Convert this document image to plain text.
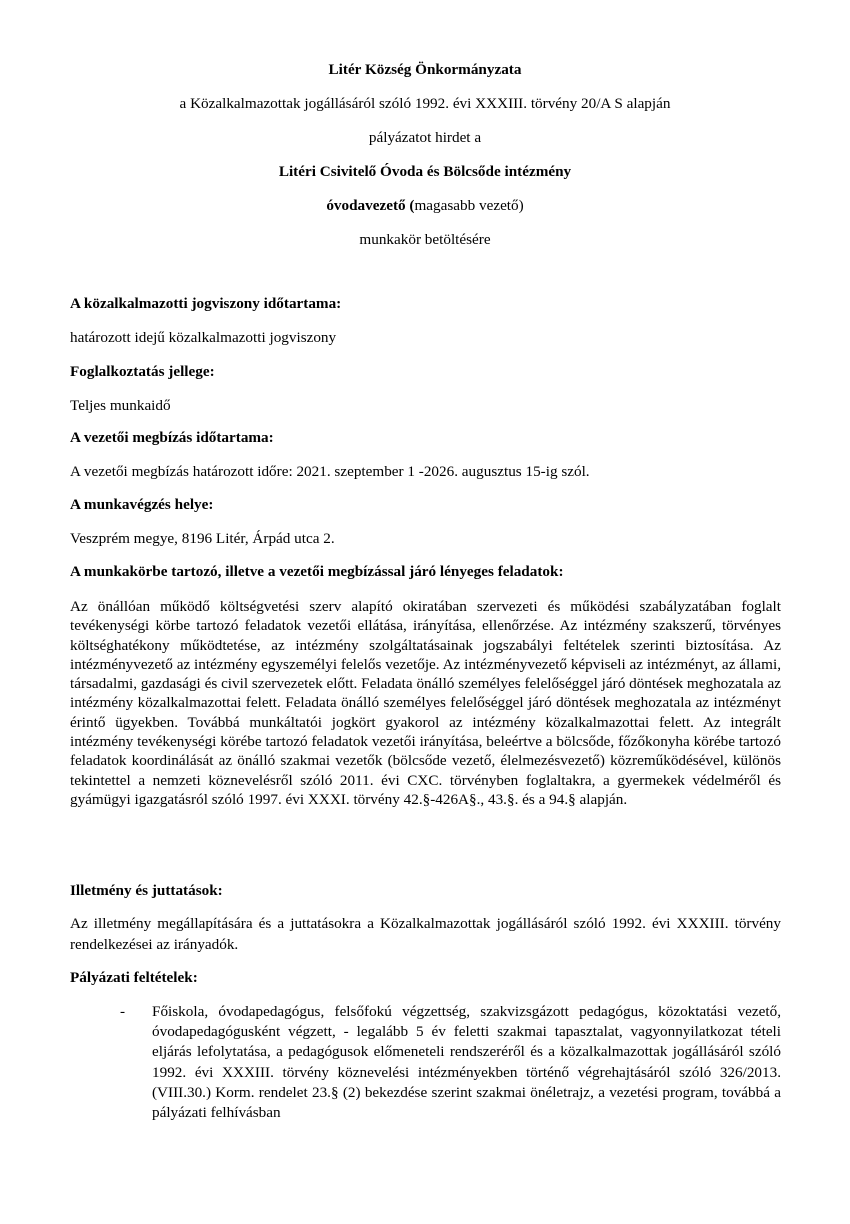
Litér Község Önkormányzata
a Közalkalmazottak jogállásáról szóló 1992. évi XXXIII. törvény 20/A S alapján
pályázatot hirdet a
Litéri Csivitelő Óvoda és Bölcsőde intézmény
óvodavezető (magasabb vezető)
munkakör betöltésére
A közalkalmazotti jogviszony időtartama:
határozott idejű közalkalmazotti jogviszony
Foglalkoztatás jellege:
Teljes munkaidő
A vezetői megbízás időtartama:
A vezetői megbízás határozott időre: 2021. szeptember 1 -2026. augusztus 15-ig szól.
A munkavégzés helye:
Veszprém megye, 8196 Litér, Árpád utca 2.
A munkakörbe tartozó, illetve a vezetői megbízással járó lényeges feladatok:
Az önállóan működő költségvetési szerv alapító okiratában szervezeti és működési szabályzatában foglalt tevékenységi körbe tartozó feladatok vezetői ellátása, irányítása, ellenőrzése. Az intézmény szakszerű, törvényes költséghatékony működtetése, az intézmény szolgáltatásainak jogszabályi feltételek szerinti biztosítása. Az intézményvezető az intézmény egyszemélyi felelős vezetője. Az intézményvezető képviseli az intézményt, az állami, társadalmi, gazdasági és civil szervezetek előtt. Feladata önálló személyes felelőséggel járó döntések meghozatala az intézmény közalkalmazottai felett. Feladata önálló személyes felelőséggel járó döntések meghozatala az intézményt érintő ügyekben. Továbbá munkáltatói jogkört gyakorol az intézmény közalkalmazottai felett. Az integrált intézmény tevékenységi körébe tartozó feladatok vezetői irányítása, beleértve a bölcsőde, főzőkonyha körébe tartozó feladatok koordinálását az önálló szakmai vezetők (bölcsőde vezető, élelmezésvezető) közreműködésével, különös tekintettel a nemzeti köznevelésről szóló 2011. évi CXC. törvényben foglaltakra, a gyermekek védelméről és gyámügyi igazgatásról szóló 1997. évi XXXI. törvény 42.§-426A§., 43.§. és a 94.§ alapján.
Illetmény és juttatások:
Az illetmény megállapítására és a juttatásokra a Közalkalmazottak jogállásáról szóló 1992. évi XXXIII. törvény rendelkezései az irányadók.
Pályázati feltételek:
- Főiskola, óvodapedagógus, felsőfokú végzettség, szakvizsgázott pedagógus, közoktatási vezető, óvodapedagógusként végzett, - legalább 5 év feletti szakmai tapasztalat, vagyonnyilatkozat tételi eljárás lefolytatása, a pedagógusok előmeneteli rendszeréről és a közalkalmazottak jogállásáról szóló 1992. évi XXXIII. törvény köznevelési intézményekben történő végrehajtásáról szóló 326/2013. (VIII.30.) Korm. rendelet 23.§ (2) bekezdése szerint szakmai önéletrajz, a vezetési program, továbbá a pályázati felhívásban
